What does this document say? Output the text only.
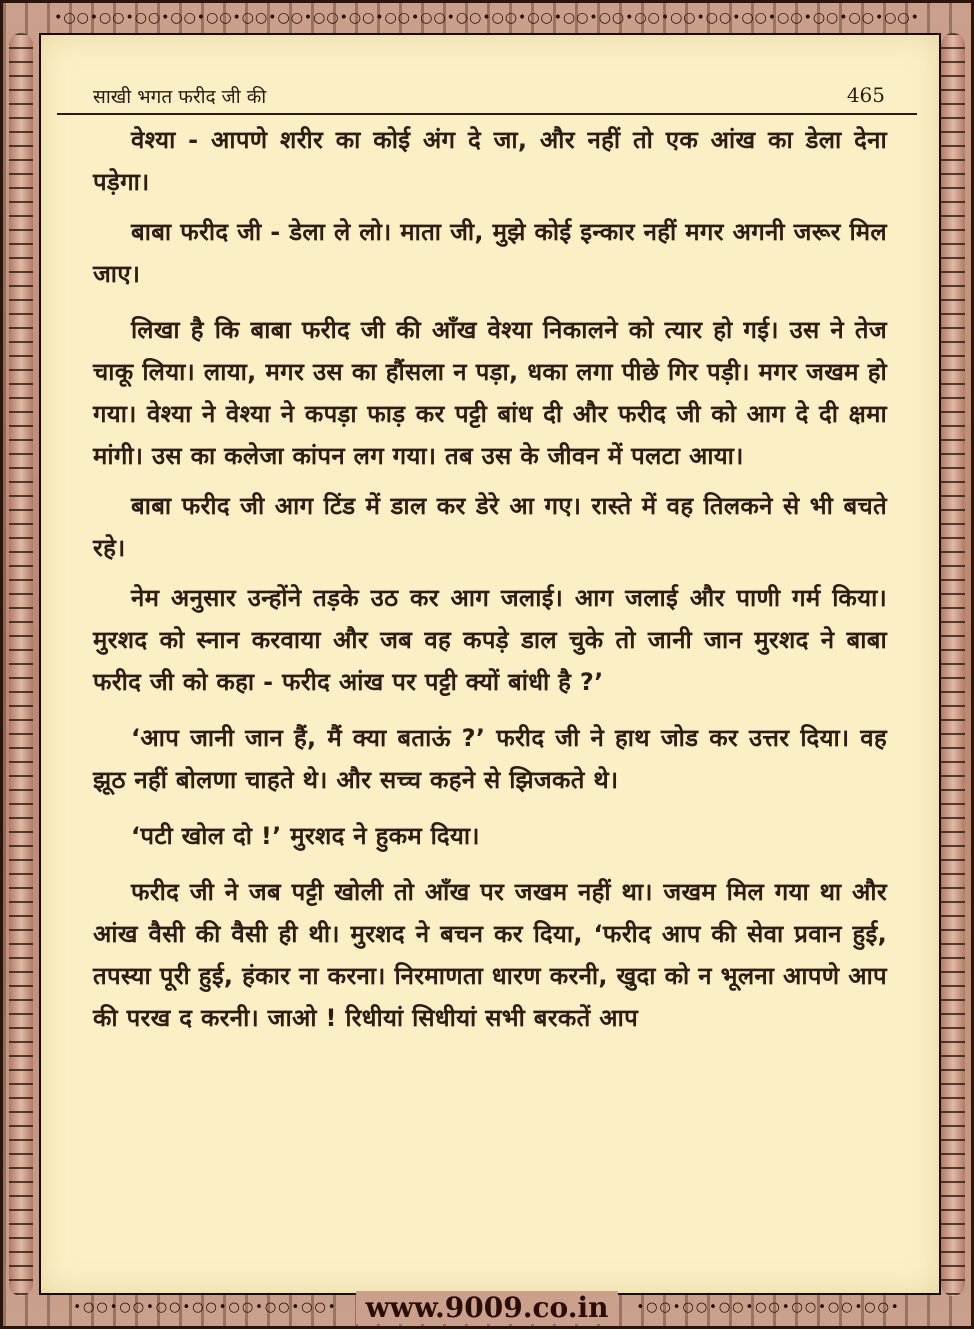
•○○•○○•○○•○○•○○•○○•○○•○○•○○•○○•○○•○○•○○•○○•○○•○○•○○•○○•○○•○○•○○•○○•○○•○○•
साखी भगत फरीद जी की	465

वेश्या - आपणे शरीर का कोई अंग दे जा, और नहीं तो एक आंख का डेला देना पड़ेगा।

बाबा फरीद जी - डेला ले लो। माता जी, मुझे कोई इन्कार नहीं मगर अगनी जरूर मिल जाए।

लिखा है कि बाबा फरीद जी की आँख वेश्या निकालने को त्यार हो गई। उस ने तेज चाकू लिया। लाया, मगर उस का हौंसला न पड़ा, धका लगा पीछे गिर पड़ी। मगर जखम हो गया। वेश्या ने वेश्या ने कपड़ा फाड़ कर पट्टी बांध दी और फरीद जी को आग दे दी क्षमा मांगी। उस का कलेजा कांपन लग गया। तब उस के जीवन में पलटा आया।

बाबा फरीद जी आग टिंड में डाल कर डेरे आ गए। रास्ते में वह तिलकने से भी बचते रहे।

नेम अनुसार उन्होंने तड़के उठ कर आग जलाई। आग जलाई और पाणी गर्म किया। मुरशद को स्नान करवाया और जब वह कपड़े डाल चुके तो जानी जान मुरशद ने बाबा फरीद जी को कहा - फरीद आंख पर पट्टी क्यों बांधी है ?’

‘आप जानी जान हैं, मैं क्या बताऊं ?’ फरीद जी ने हाथ जोड कर उत्तर दिया। वह झूठ नहीं बोलणा चाहते थे। और सच्च कहने से झिजकते थे।

‘पटी खोल दो !’ मुरशद ने हुकम दिया।

फरीद जी ने जब पट्टी खोली तो आँख पर जखम नहीं था। जखम मिल गया था और आंख वैसी की वैसी ही थी। मुरशद ने बचन कर दिया, ‘फरीद आप की सेवा प्रवान हुई, तपस्या पूरी हुई, हंकार ना करना। निरमाणता धारण करनी, खुदा को न भूलना आपणे आप की परख द करनी। जाओ ! रिधीयां सिधीयां सभी बरकतें आप

•○○•○○•○○•○○•○○•○○•○○•	www.9009.co.in	•○○•○○•○○•○○•○○•○○•○○•
